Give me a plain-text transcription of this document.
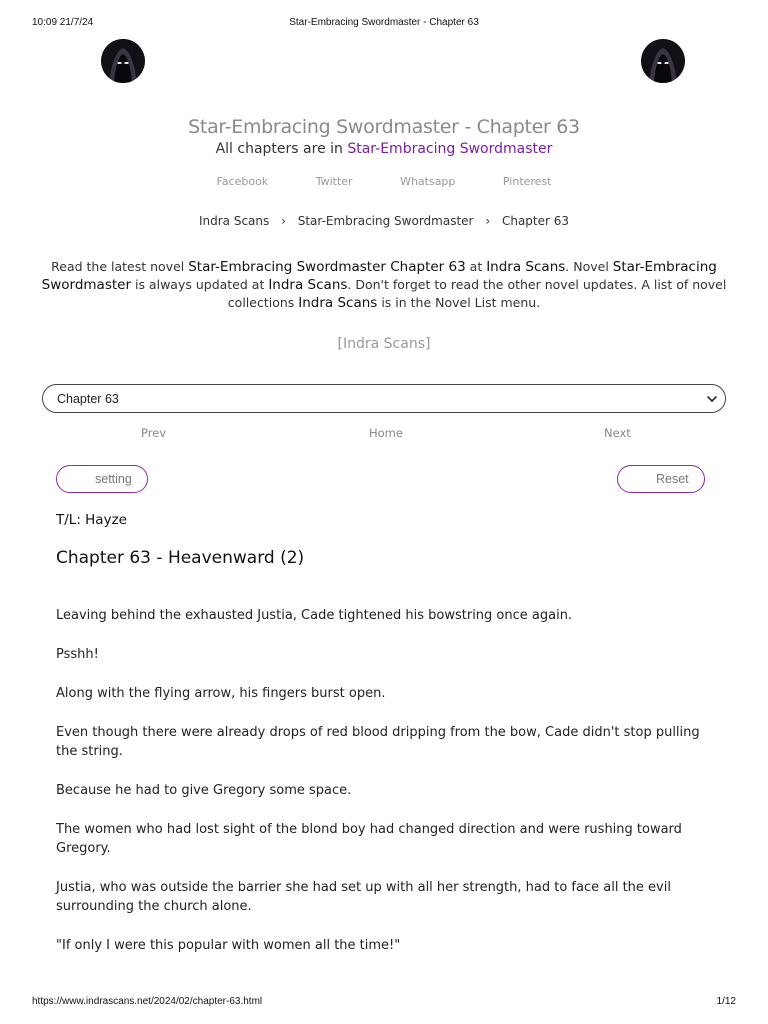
10:09 21/7/24	Star-Embracing Swordmaster - Chapter 63
Star-Embracing Swordmaster - Chapter 63
All chapters are in Star-Embracing Swordmaster
Facebook	Twitter	Whatsapp	Pinterest
Indra Scans › Star-Embracing Swordmaster › Chapter 63
Read the latest novel Star-Embracing Swordmaster Chapter 63 at Indra Scans. Novel Star-Embracing Swordmaster is always updated at Indra Scans. Don't forget to read the other novel updates. A list of novel collections Indra Scans is in the Novel List menu.
[Indra Scans]
Chapter 63
Prev	Home	Next
setting	Reset
T/L: Hayze
Chapter 63 - Heavenward (2)

Leaving behind the exhausted Justia, Cade tightened his bowstring once again.

Psshh!

Along with the flying arrow, his fingers burst open.

Even though there were already drops of red blood dripping from the bow, Cade didn't stop pulling the string.

Because he had to give Gregory some space.

The women who had lost sight of the blond boy had changed direction and were rushing toward Gregory.

Justia, who was outside the barrier she had set up with all her strength, had to face all the evil surrounding the church alone.

"If only I were this popular with women all the time!"

https://www.indrascans.net/2024/02/chapter-63.html	1/12
